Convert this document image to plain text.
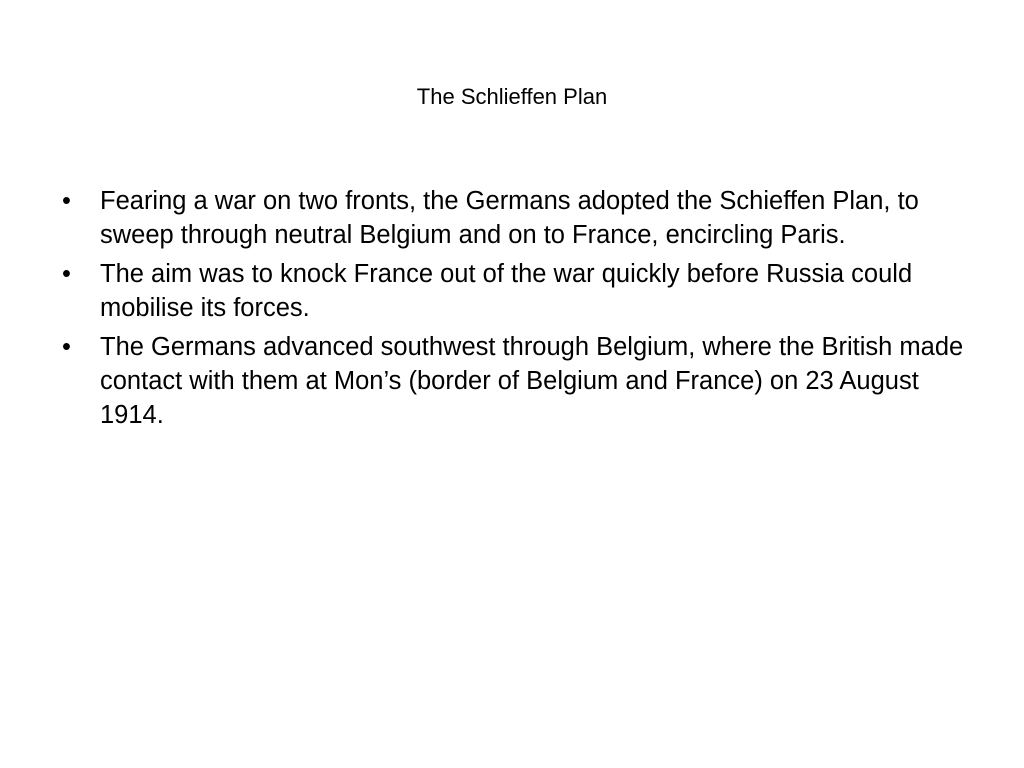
The Schlieffen Plan
•	Fearing a war on two fronts, the Germans adopted the Schieffen Plan, to sweep through neutral Belgium and on to France, encircling Paris.
•	The aim was to knock France out of the war quickly before Russia could mobilise its forces.
•	The Germans advanced southwest through Belgium, where the British made contact with them at Mon’s (border of Belgium and France) on 23 August 1914.
